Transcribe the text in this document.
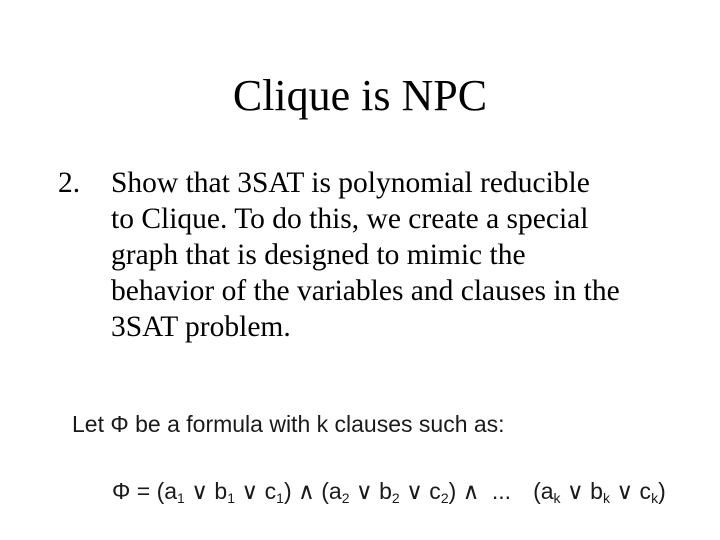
Clique is NPC
2. Show that 3SAT is polynomial reducible
to Clique. To do this, we create a special
graph that is designed to mimic the
behavior of the variables and clauses in the
3SAT problem.
Let Φ be a formula with k clauses such as:
$\Phi = (a_1$ ∨ $b_1$ ∨ $c_1$) ∧ ($a_2$ ∨ $b_2$ ∨ $c_2$) ∧ ... ($a_k$ ∨ $b_k$ ∨ $c_k$)
